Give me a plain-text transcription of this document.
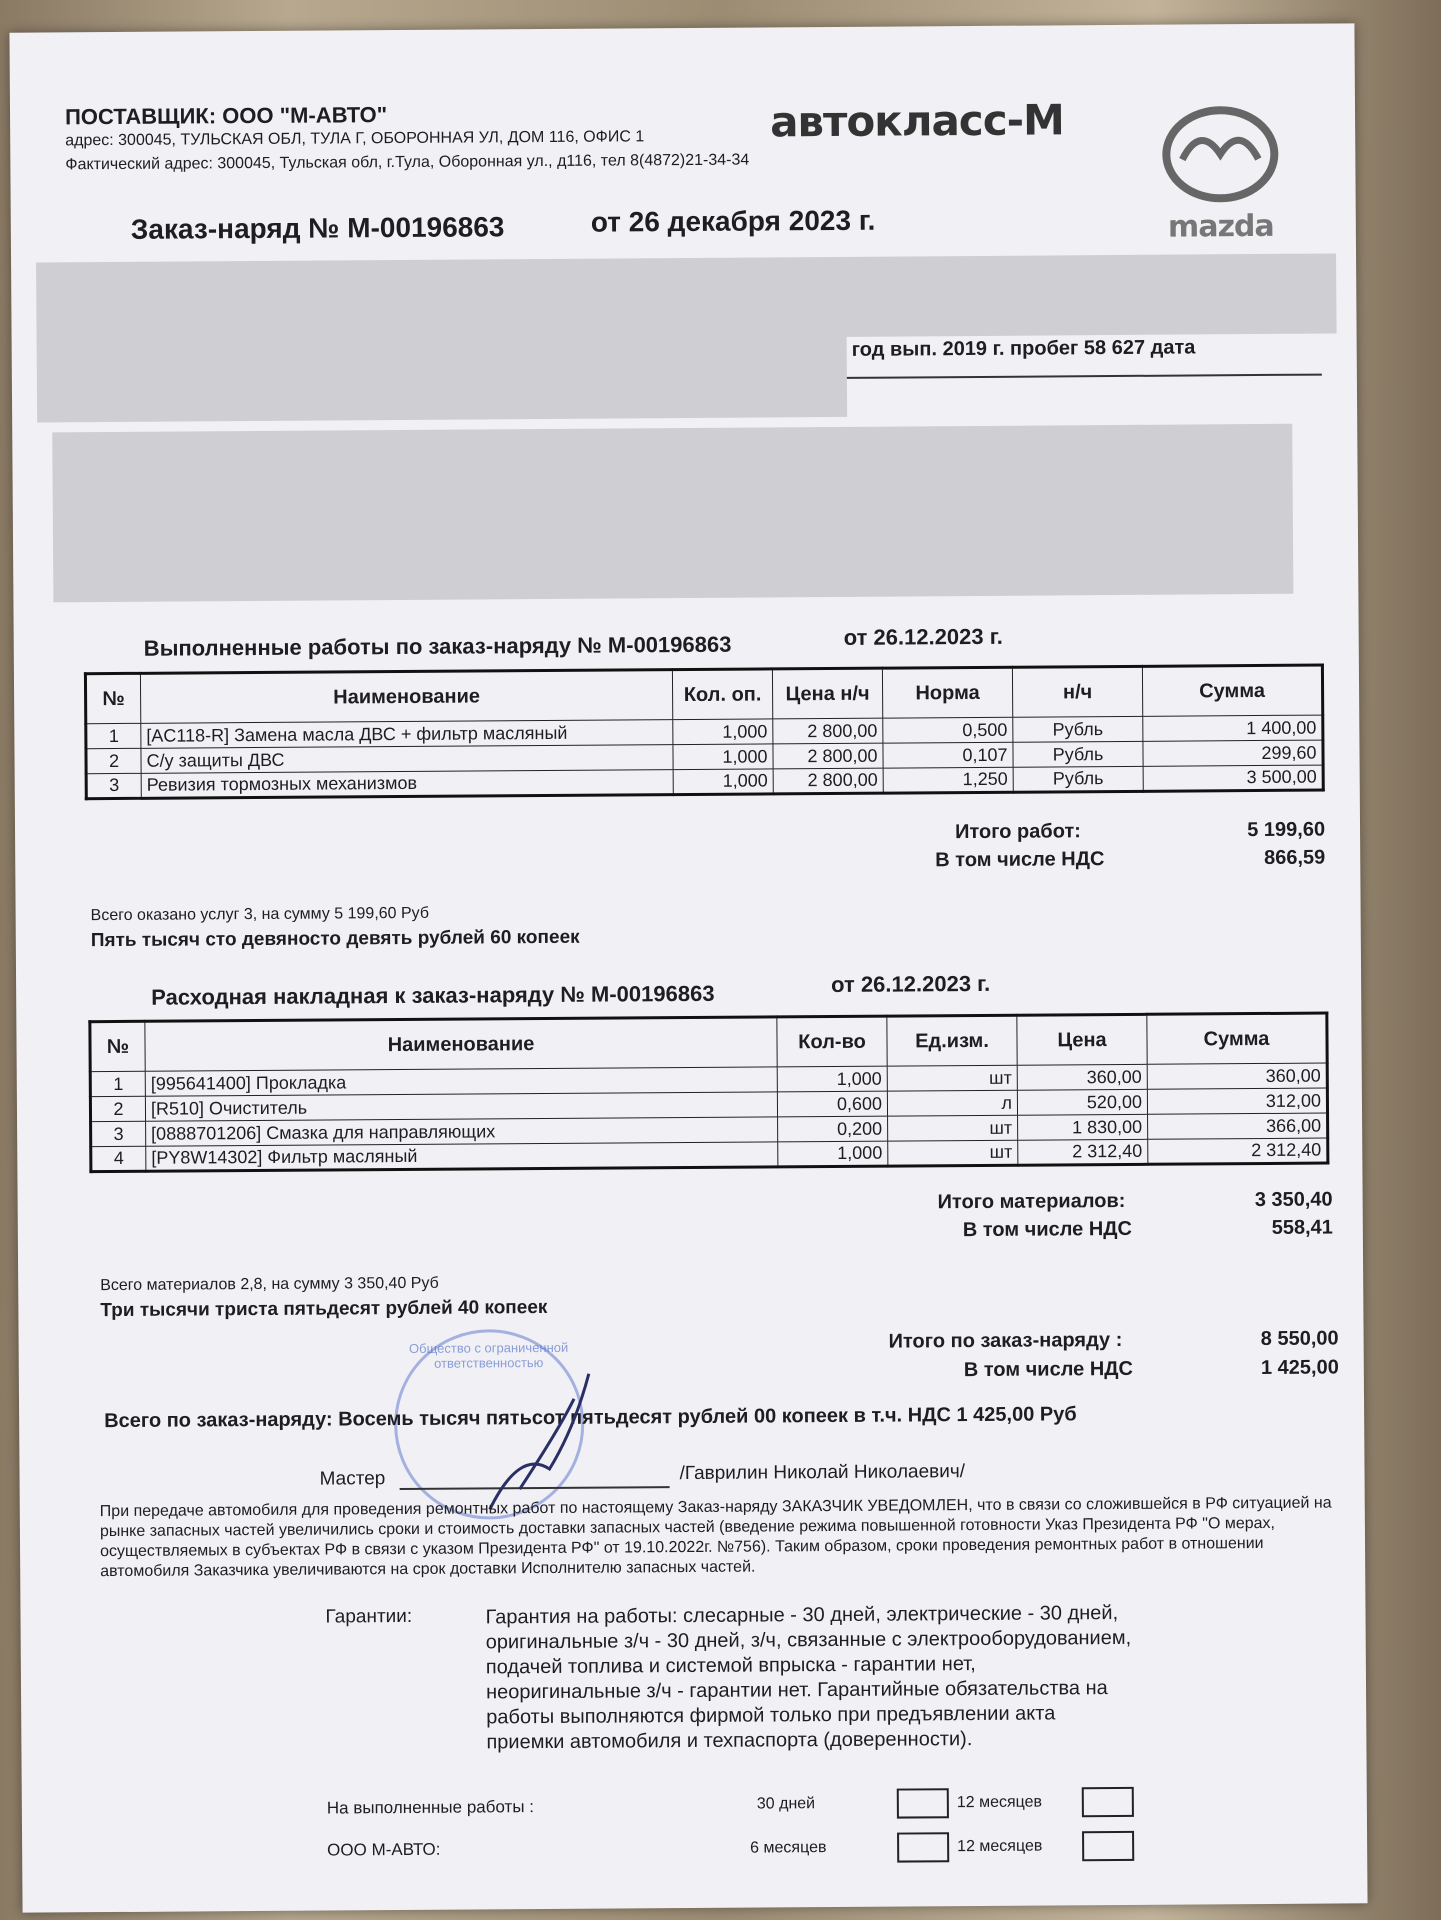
ПОСТАВЩИК: ООО "М-АВТО"
адрес: 300045, ТУЛЬСКАЯ ОБЛ, ТУЛА Г, ОБОРОННАЯ УЛ, ДОМ 116, ОФИС 1
Фактический адрес: 300045, Тульская обл, г.Тула, Оборонная ул., д116, тел 8(4872)21-34-34
автокласс-М
mazda
Заказ-наряд № М-00196863	от 26 декабря 2023 г.
год вып. 2019 г. пробег 58 627 дата
Выполненные работы по заказ-наряду № М-00196863	от 26.12.2023 г.
№	Наименование	Кол. оп.	Цена н/ч	Норма	н/ч	Сумма
1	[AC118-R] Замена масла ДВС + фильтр масляный	1,000	2 800,00	0,500	Рубль	1 400,00
2	С/у защиты ДВС	1,000	2 800,00	0,107	Рубль	299,60
3	Ревизия тормозных механизмов	1,000	2 800,00	1,250	Рубль	3 500,00
Итого работ:	5 199,60
В том числе НДС	866,59
Всего оказано услуг 3, на сумму 5 199,60 Руб
Пять тысяч сто девяносто девять рублей 60 копеек
Расходная накладная к заказ-наряду № М-00196863	от 26.12.2023 г.
№	Наименование	Кол-во	Ед.изм.	Цена	Сумма
1	[995641400] Прокладка	1,000	шт	360,00	360,00
2	[R510] Очиститель	0,600	л	520,00	312,00
3	[0888701206] Смазка для направляющих	0,200	шт	1 830,00	366,00
4	[PY8W14302] Фильтр масляный	1,000	шт	2 312,40	2 312,40
Итого материалов:	3 350,40
В том числе НДС	558,41
Всего материалов 2,8, на сумму 3 350,40 Руб
Три тысячи триста пятьдесят рублей 40 копеек
Итого по заказ-наряду :	8 550,00
В том числе НДС	1 425,00
Общество с ограниченной ответственностью
Всего по заказ-наряду: Восемь тысяч пятьсот пятьдесят рублей 00 копеек в т.ч. НДС 1 425,00 Руб
Мастер	/Гаврилин Николай Николаевич/
При передаче автомобиля для проведения ремонтных работ по настоящему Заказ-наряду ЗАКАЗЧИК УВЕДОМЛЕН, что в связи со сложившейся в РФ ситуацией на рынке запасных частей увеличились сроки и стоимость доставки запасных частей (введение режима повышенной готовности Указ Президента РФ "О мерах, осуществляемых в субъектах РФ в связи с указом Президента РФ" от 19.10.2022г. №756). Таким образом, сроки проведения ремонтных работ в отношении автомобиля Заказчика увеличиваются на срок доставки Исполнителю запасных частей.
Гарантии:	Гарантия на работы: слесарные - 30 дней, электрические - 30 дней, оригинальные з/ч - 30 дней, з/ч, связанные с электрооборудованием, подачей топлива и системой впрыска - гарантии нет, неоригинальные з/ч - гарантии нет. Гарантийные обязательства на работы выполняются фирмой только при предъявлении акта приемки автомобиля и техпаспорта (доверенности).
На выполненные работы :	30 дней	12 месяцев
ООО М-АВТО:	6 месяцев	12 месяцев
